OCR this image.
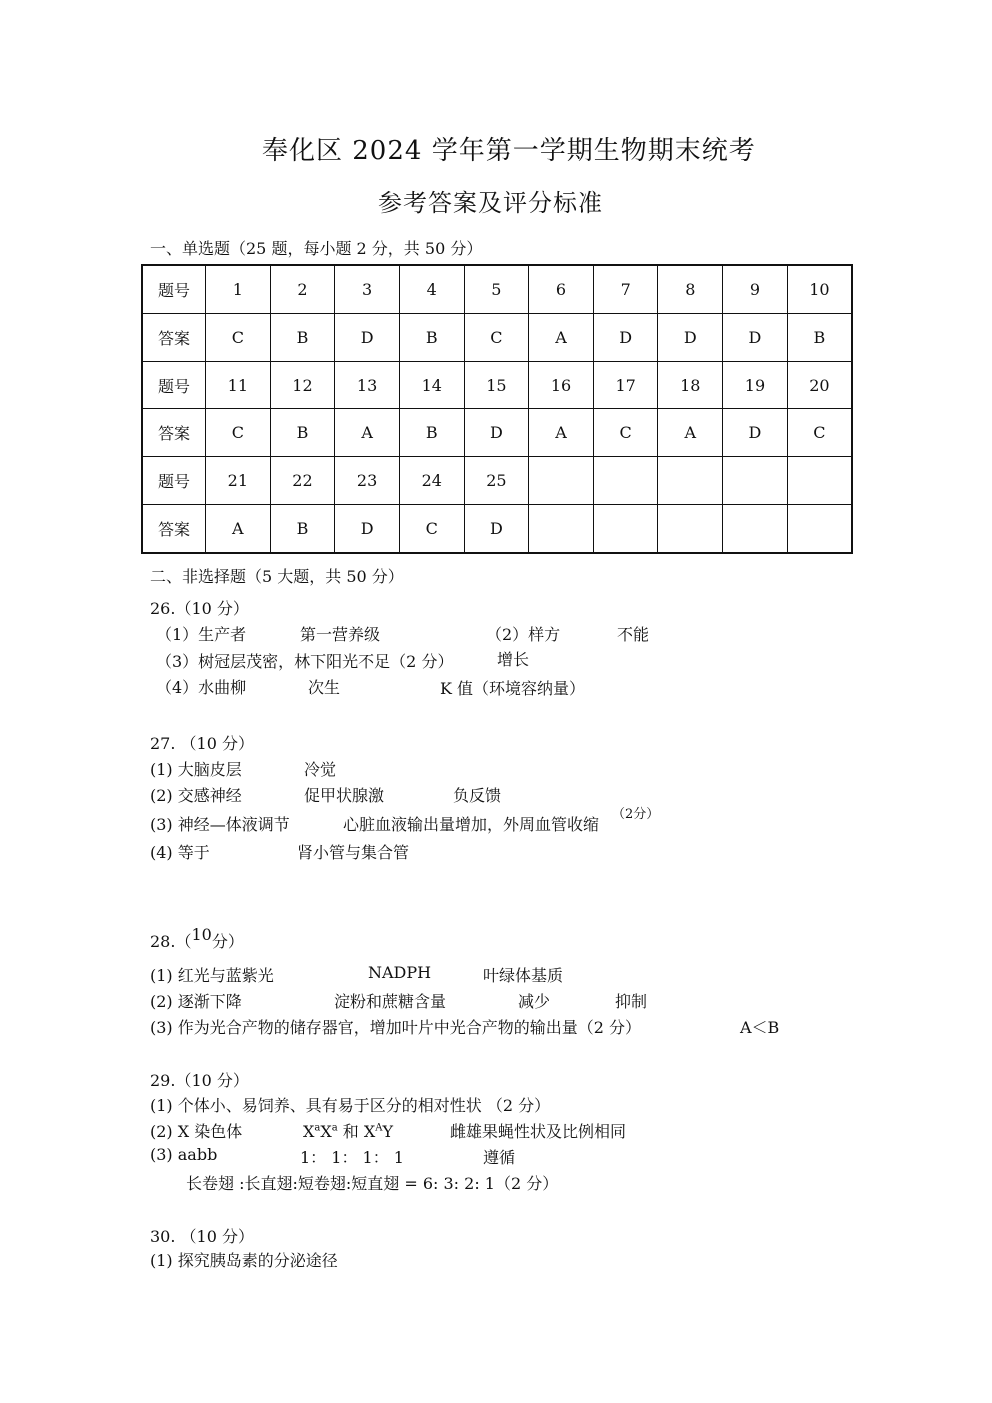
奉化区 2024 学年第一学期生物期末统考
参考答案及评分标准
一、单选题（25 题，每小题 2 分，共 50 分）
题号	1	2	3	4	5	6	7	8	9	10
答案	C	B	D	B	C	A	D	D	D	B
题号	11	12	13	14	15	16	17	18	19	20
答案	C	B	A	B	D	A	C	A	D	C
题号	21	22	23	24	25					
答案	A	B	D	C	D					
二、非选择题（5 大题，共 50 分）
26.（10 分）
（1）生产者	第一营养级	（2）样方	不能
（3）树冠层茂密，林下阳光不足（2 分）	增长
（4）水曲柳	次生	K 值（环境容纳量）
27. （10 分）
(1) 大脑皮层	冷觉
(2) 交感神经	促甲状腺激	负反馈
(3) 神经—体液调节	心脏血液输出量增加，外周血管收缩
（2分）
(4) 等于	肾小管与集合管
28.（10分）
(1) 红光与蓝紫光	NADPH	叶绿体基质
(2) 逐渐下降	淀粉和蔗糖含量	减少	抑制
(3) 作为光合产物的储存器官，增加叶片中光合产物的输出量（2 分）	A＜B
29.（10 分）
(1) 个体小、易饲养、具有易于区分的相对性状 （2 分）
(2) X 染色体	$X^aX^a$ 和 $X^AY$	雌雄果蝇性状及比例相同
(3) aabb	1： 1： 1： 1	遵循
长卷翅 :长直翅:短卷翅:短直翅 = 6: 3: 2: 1（2 分）
30. （10 分）
(1) 探究胰岛素的分泌途径
